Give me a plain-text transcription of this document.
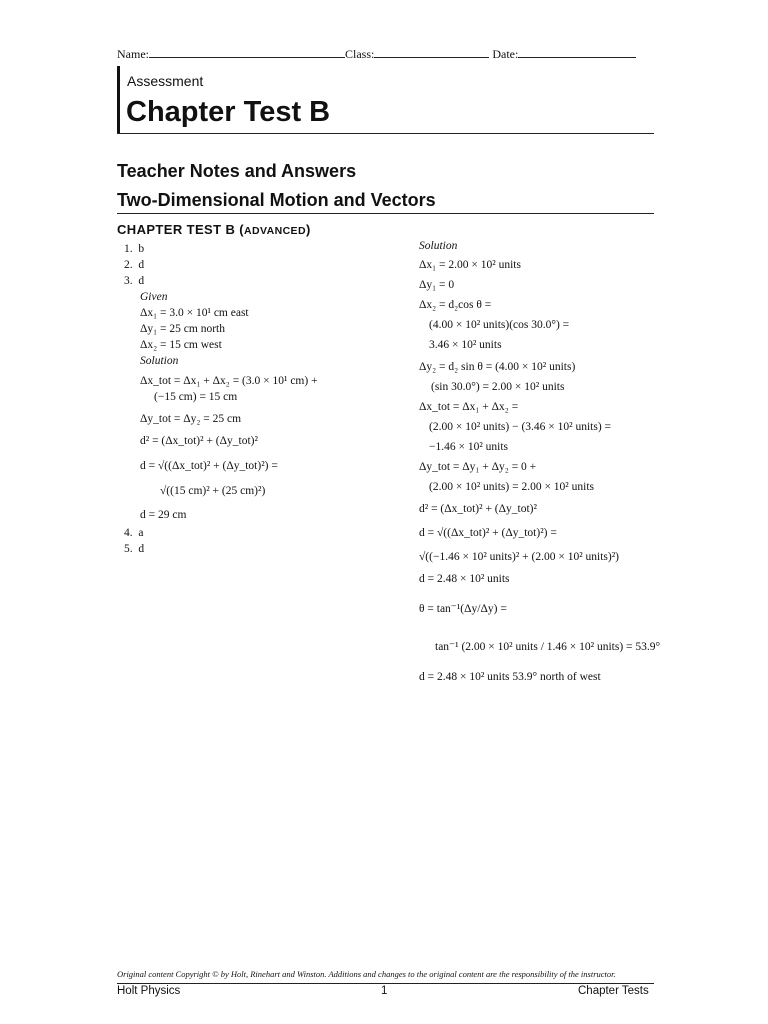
Name:	Class:	Date:
Assessment
Chapter Test B
Teacher Notes and Answers
Two-Dimensional Motion and Vectors
CHAPTER TEST B (ADVANCED)
1. b
2. d
3. d
Given
Δx₁ = 3.0 × 10¹ cm east
Δy₁ = 25 cm north
Δx₂ = 15 cm west
Solution
Δx_tot = Δx₁ + Δx₂ = (3.0 × 10¹ cm) +
(−15 cm) = 15 cm
Δy_tot = Δy₂ = 25 cm
d² = (Δx_tot)² + (Δy_tot)²
d = √((Δx_tot)² + (Δy_tot)²) =
√((15 cm)² + (25 cm)²)
d = 29 cm
4. a
5. d
Solution
Δx₁ = 2.00 × 10² units
Δy₁ = 0
Δx₂ = d₂cos θ =
(4.00 × 10² units)(cos 30.0°) =
3.46 × 10² units
Δy₂ = d₂ sin θ = (4.00 × 10² units)
(sin 30.0°) = 2.00 × 10² units
Δx_tot = Δx₁ + Δx₂ =
(2.00 × 10² units) − (3.46 × 10² units) =
−1.46 × 10² units
Δy_tot = Δy₁ + Δy₂ = 0 +
(2.00 × 10² units) = 2.00 × 10² units
d² = (Δx_tot)² + (Δy_tot)²
d = √((Δx_tot)² + (Δy_tot)²) =
√((−1.46 × 10² units)² + (2.00 × 10² units)²)
d = 2.48 × 10² units
θ = tan⁻¹(Δy/Δy) =
tan⁻¹ (2.00 × 10² units / 1.46 × 10² units) = 53.9°
d = 2.48 × 10² units 53.9° north of west
Original content Copyright © by Holt, Rinehart and Winston. Additions and changes to the original content are the responsibility of the instructor.
Holt Physics	1	Chapter Tests
